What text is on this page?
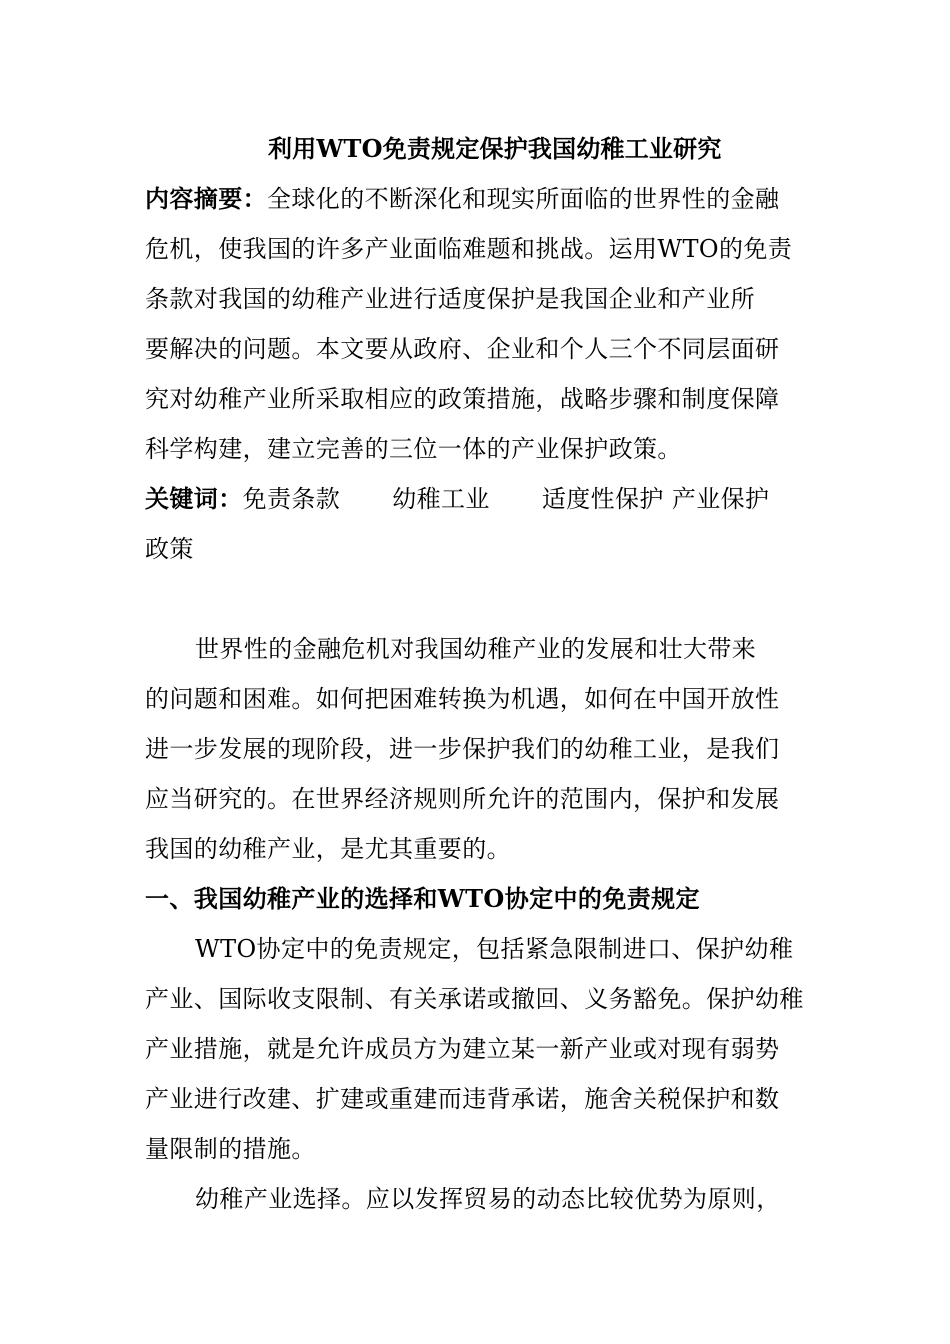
利用WTO免责规定保护我国幼稚工业研究
内容摘要：全球化的不断深化和现实所面临的世界性的金融
危机，使我国的许多产业面临难题和挑战。运用WTO的免责
条款对我国的幼稚产业进行适度保护是我国企业和产业所
要解决的问题。本文要从政府、企业和个人三个不同层面研
究对幼稚产业所采取相应的政策措施，战略步骤和制度保障
科学构建，建立完善的三位一体的产业保护政策。
关键词：免责条款 幼稚工业 适度性保护 产业保护
政策
世界性的金融危机对我国幼稚产业的发展和壮大带来
的问题和困难。如何把困难转换为机遇，如何在中国开放性
进一步发展的现阶段，进一步保护我们的幼稚工业，是我们
应当研究的。在世界经济规则所允许的范围内，保护和发展
我国的幼稚产业，是尤其重要的。
一、我国幼稚产业的选择和WTO协定中的免责规定
WTO协定中的免责规定，包括紧急限制进口、保护幼稚
产业、国际收支限制、有关承诺或撤回、义务豁免。保护幼稚
产业措施，就是允许成员方为建立某一新产业或对现有弱势
产业进行改建、扩建或重建而违背承诺，施舍关税保护和数
量限制的措施。
幼稚产业选择。应以发挥贸易的动态比较优势为原则，
